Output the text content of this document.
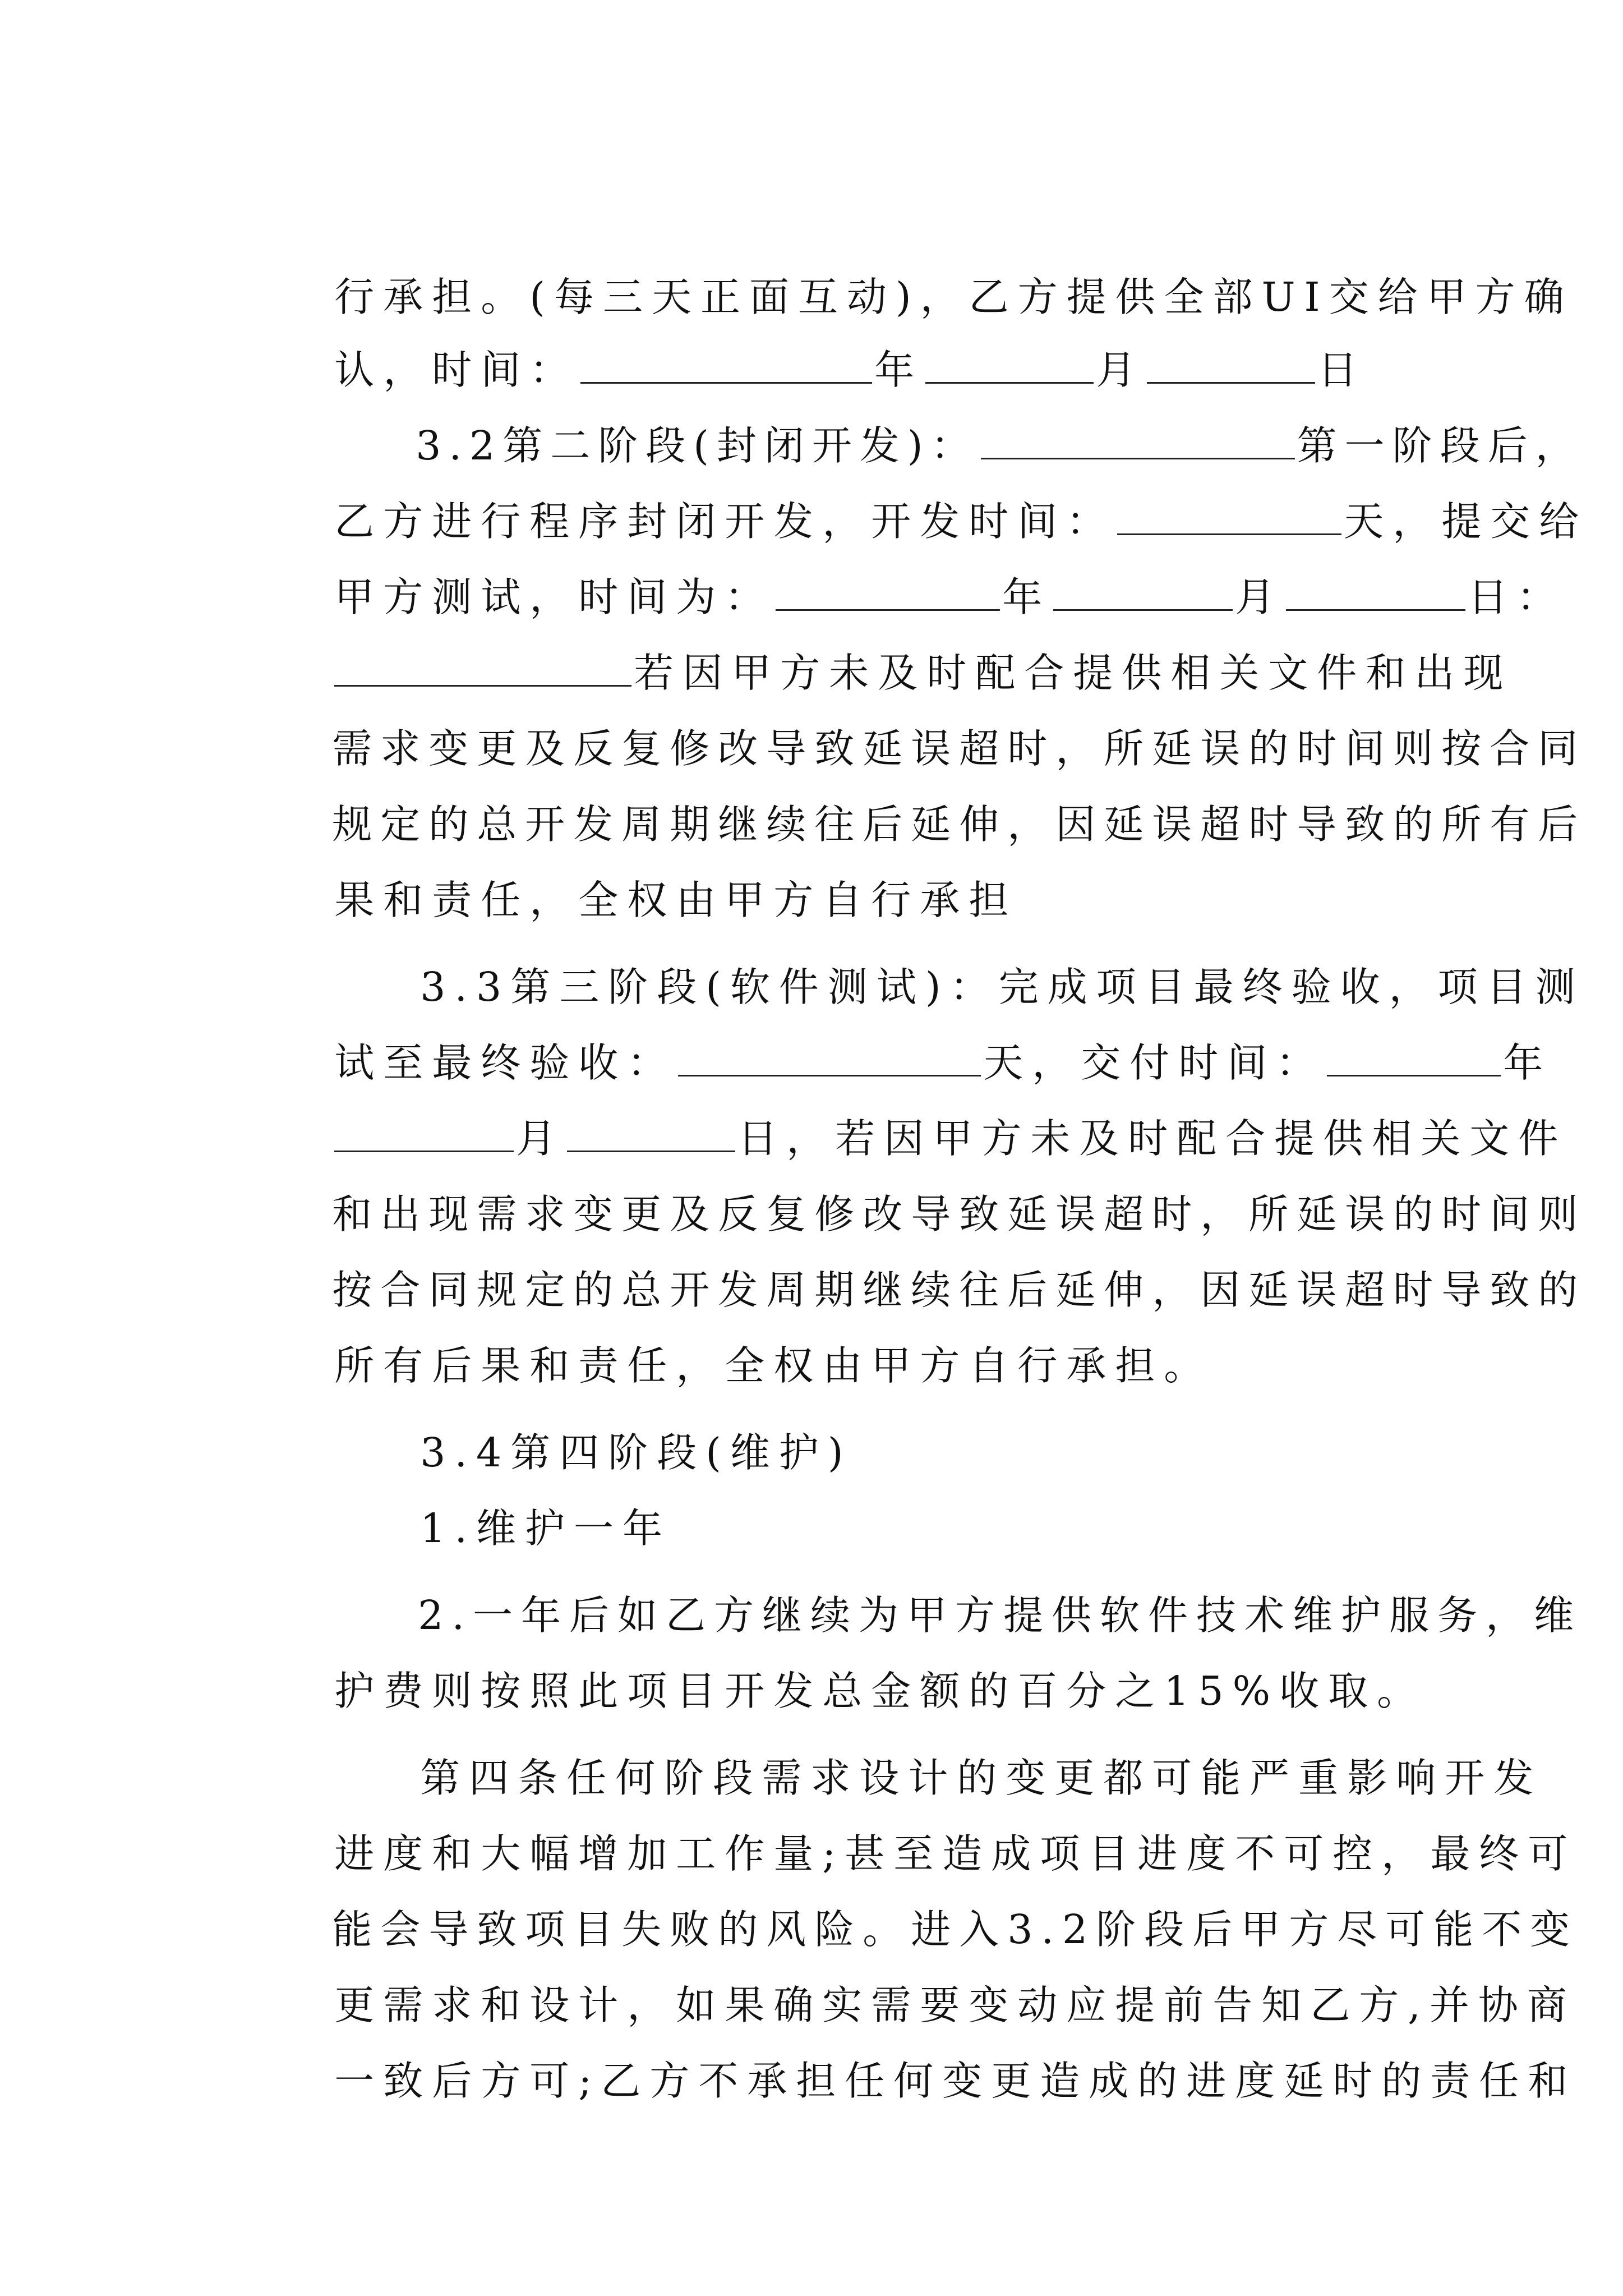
行承担。(每三天正面互动)，乙方提供全部UI交给甲方确

认，时间：	年	月	日

3.2第二阶段(封闭开发)：	第一阶段后，

乙方进行程序封闭开发，开发时间：	天，提交给

甲方测试，时间为：	年	月	日：

若因甲方未及时配合提供相关文件和出现

需求变更及反复修改导致延误超时，所延误的时间则按合同

规定的总开发周期继续往后延伸，因延误超时导致的所有后

果和责任，全权由甲方自行承担

3.3第三阶段(软件测试)：完成项目最终验收，项目测

试至最终验收：	天，交付时间：	年

月	日，若因甲方未及时配合提供相关文件

和出现需求变更及反复修改导致延误超时，所延误的时间则

按合同规定的总开发周期继续往后延伸，因延误超时导致的

所有后果和责任，全权由甲方自行承担。

3.4第四阶段(维护)

1.维护一年

2.一年后如乙方继续为甲方提供软件技术维护服务，维

护费则按照此项目开发总金额的百分之15%收取。

第四条任何阶段需求设计的变更都可能严重影响开发

进度和大幅增加工作量;甚至造成项目进度不可控，最终可

能会导致项目失败的风险。进入3.2阶段后甲方尽可能不变

更需求和设计，如果确实需要变动应提前告知乙方,并协商

一致后方可;乙方不承担任何变更造成的进度延时的责任和
